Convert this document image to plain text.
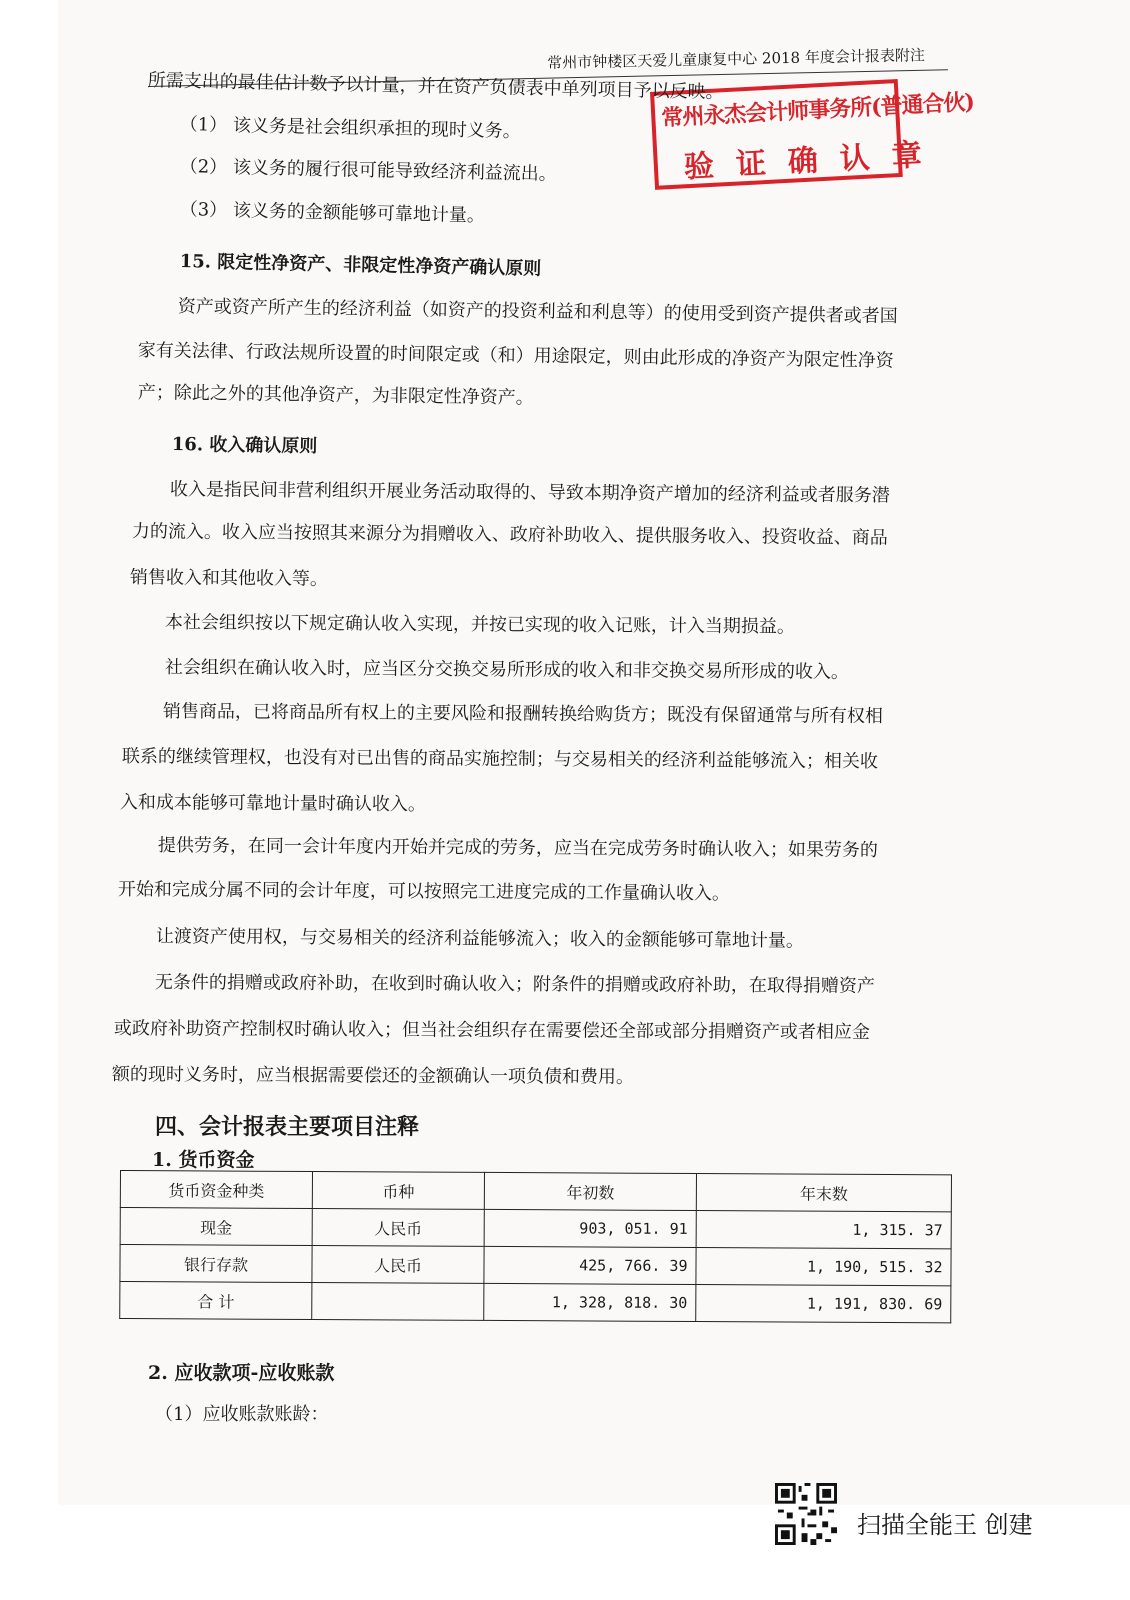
常州市钟楼区天爱儿童康复中心 2018 年度会计报表附注
常州永杰会计师事务所(普通合伙)
验证确认章
所需支出的最佳估计数予以计量，并在资产负债表中单列项目予以反映。
（1） 该义务是社会组织承担的现时义务。
（2） 该义务的履行很可能导致经济利益流出。
（3） 该义务的金额能够可靠地计量。
15. 限定性净资产、非限定性净资产确认原则
资产或资产所产生的经济利益（如资产的投资利益和利息等）的使用受到资产提供者或者国
家有关法律、行政法规所设置的时间限定或（和）用途限定，则由此形成的净资产为限定性净资
产；除此之外的其他净资产，为非限定性净资产。
16. 收入确认原则
收入是指民间非营利组织开展业务活动取得的、导致本期净资产增加的经济利益或者服务潜
力的流入。收入应当按照其来源分为捐赠收入、政府补助收入、提供服务收入、投资收益、商品
销售收入和其他收入等。
本社会组织按以下规定确认收入实现，并按已实现的收入记账，计入当期损益。
社会组织在确认收入时，应当区分交换交易所形成的收入和非交换交易所形成的收入。
销售商品，已将商品所有权上的主要风险和报酬转换给购货方；既没有保留通常与所有权相
联系的继续管理权，也没有对已出售的商品实施控制；与交易相关的经济利益能够流入；相关收
入和成本能够可靠地计量时确认收入。
提供劳务，在同一会计年度内开始并完成的劳务，应当在完成劳务时确认收入；如果劳务的
开始和完成分属不同的会计年度，可以按照完工进度完成的工作量确认收入。
让渡资产使用权，与交易相关的经济利益能够流入；收入的金额能够可靠地计量。
无条件的捐赠或政府补助，在收到时确认收入；附条件的捐赠或政府补助，在取得捐赠资产
或政府补助资产控制权时确认收入；但当社会组织存在需要偿还全部或部分捐赠资产或者相应金
额的现时义务时，应当根据需要偿还的金额确认一项负债和费用。
四、会计报表主要项目注释
1. 货币资金
货币资金种类	币种	年初数	年末数
现金	人民币	903, 051. 91	1, 315. 37
银行存款	人民币	425, 766. 39	1, 190, 515. 32
合 计		1, 328, 818. 30	1, 191, 830. 69
2. 应收款项-应收账款
（1）应收账款账龄：
扫描全能王 创建
